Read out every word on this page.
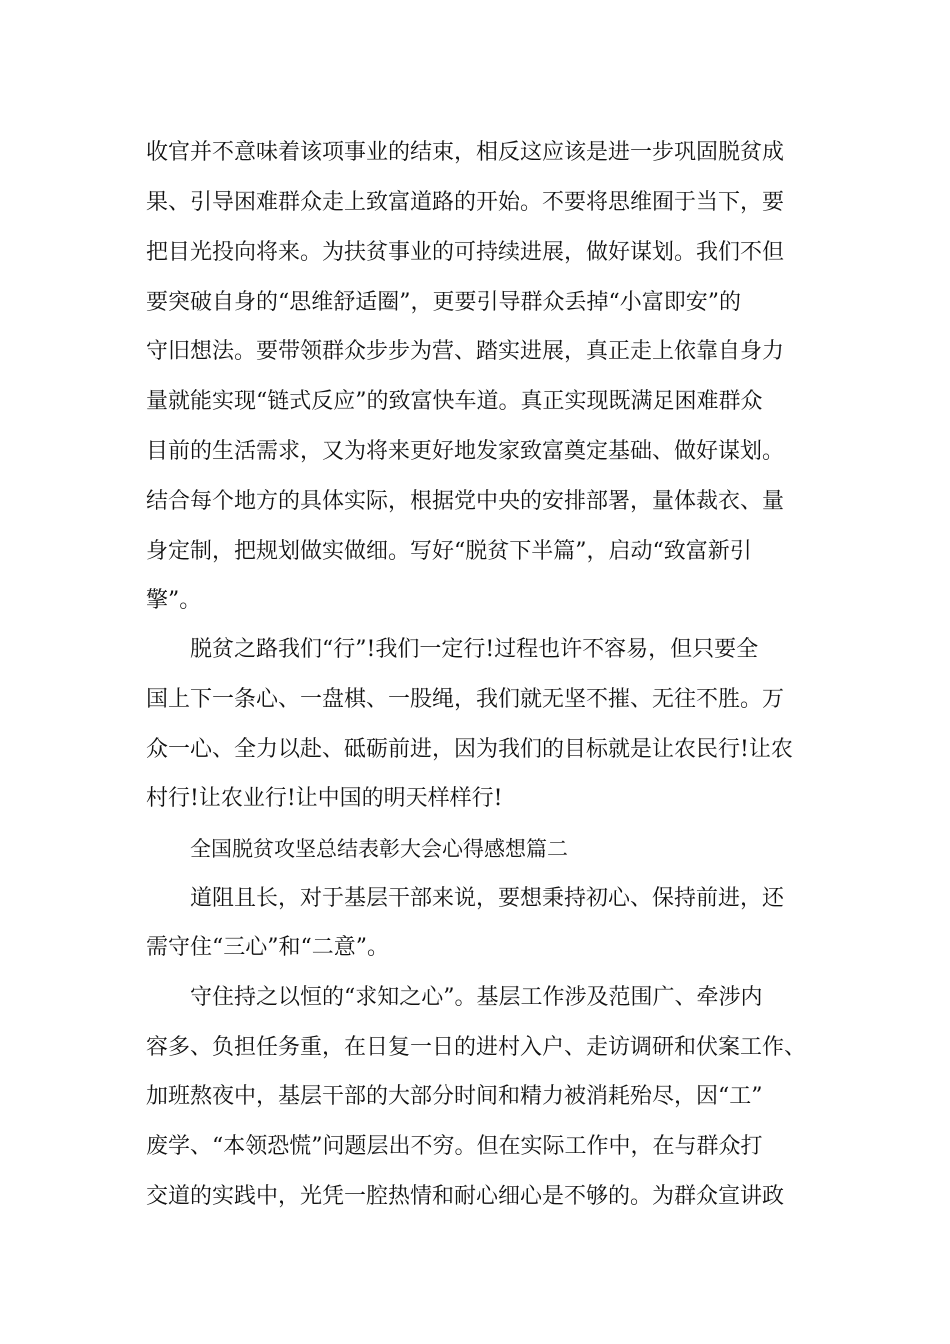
收官并不意味着该项事业的结束，相反这应该是进一步巩固脱贫成
果、引导困难群众走上致富道路的开始。不要将思维囿于当下，要
把目光投向将来。为扶贫事业的可持续进展，做好谋划。我们不但
要突破自身的“思维舒适圈”，更要引导群众丢掉“小富即安”的
守旧想法。要带领群众步步为营、踏实进展，真正走上依靠自身力
量就能实现“链式反应”的致富快车道。真正实现既满足困难群众
目前的生活需求，又为将来更好地发家致富奠定基础、做好谋划。
结合每个地方的具体实际，根据党中央的安排部署，量体裁衣、量
身定制，把规划做实做细。写好“脱贫下半篇”，启动“致富新引
擎”。
脱贫之路我们“行”!我们一定行!过程也许不容易，但只要全
国上下一条心、一盘棋、一股绳，我们就无坚不摧、无往不胜。万
众一心、全力以赴、砥砺前进，因为我们的目标就是让农民行!让农
村行!让农业行!让中国的明天样样行!
全国脱贫攻坚总结表彰大会心得感想篇二
道阻且长，对于基层干部来说，要想秉持初心、保持前进，还
需守住“三心”和“二意”。
守住持之以恒的“求知之心”。基层工作涉及范围广、牵涉内
容多、负担任务重，在日复一日的进村入户、走访调研和伏案工作、
加班熬夜中，基层干部的大部分时间和精力被消耗殆尽，因“工”
废学、“本领恐慌”问题层出不穷。但在实际工作中，在与群众打
交道的实践中，光凭一腔热情和耐心细心是不够的。为群众宣讲政
